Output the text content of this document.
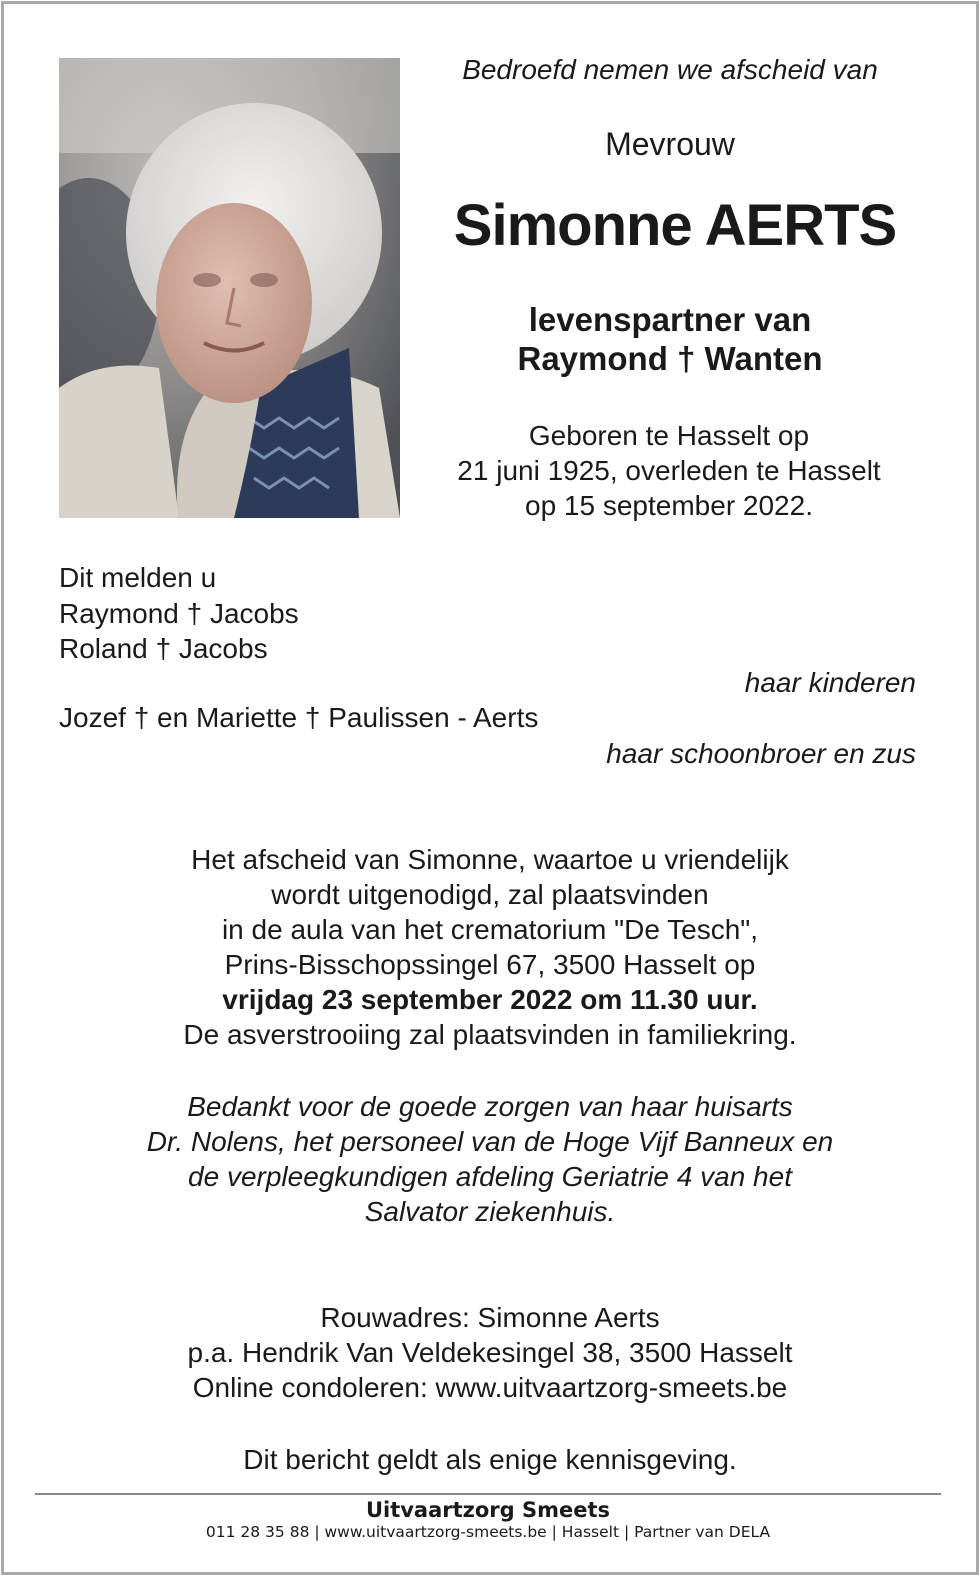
Bedroefd nemen we afscheid van

Mevrouw

Simonne AERTS

levenspartner van
Raymond † Wanten
Geboren te Hasselt op
21 juni 1925, overleden te Hasselt
op 15 september 2022.
Dit melden u
Raymond † Jacobs
Roland † Jacobs

haar kinderen

Jozef † en Mariette † Paulissen - Aerts

haar schoonbroer en zus

Het afscheid van Simonne, waartoe u vriendelijk
wordt uitgenodigd, zal plaatsvinden
in de aula van het crematorium "De Tesch",
Prins-Bisschopssingel 67, 3500 Hasselt op
vrijdag 23 september 2022 om 11.30 uur.
De asverstrooiing zal plaatsvinden in familiekring.
Bedankt voor de goede zorgen van haar huisarts
Dr. Nolens, het personeel van de Hoge Vijf Banneux en
de verpleegkundigen afdeling Geriatrie 4 van het
Salvator ziekenhuis.
Rouwadres: Simonne Aerts
p.a. Hendrik Van Veldekesingel 38, 3500 Hasselt
Online condoleren: www.uitvaartzorg-smeets.be

Dit bericht geldt als enige kennisgeving.

Uitvaartzorg Smeets

011 28 35 88 | www.uitvaartzorg-smeets.be | Hasselt | Partner van DELA
